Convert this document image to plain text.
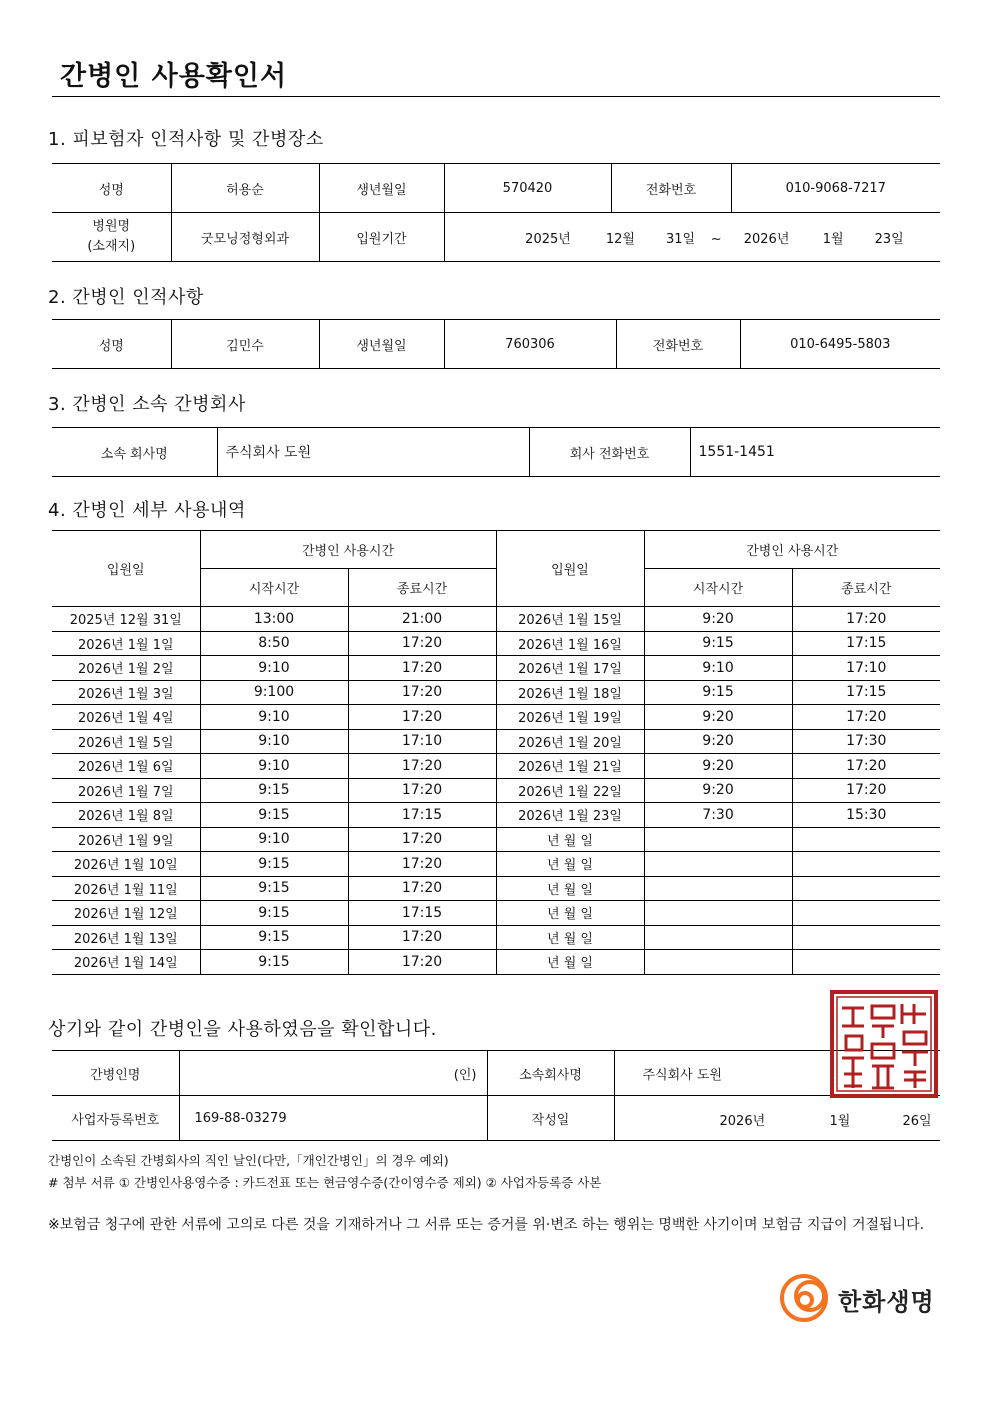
간병인 사용확인서
1. 피보험자 인적사항 및 간병장소
성명	허용순	생년월일	570420	전화번호	010-9068-7217

병원명
(소재지)	굿모닝정형외과	입원기간	2025년 12월 31일 ~ 2026년 1월 23일		
2. 간병인 인적사항
성명	김민수	생년월일	760306	전화번호	010-6495-5803
3. 간병인 소속 간병회사
소속 회사명	주식회사 도원	회사 전화번호	1551-1451
4. 간병인 세부 사용내역
입원일	간병인 사용시간		입원일	간병인 사용시간	
	시작시간	종료시간		시작시간	종료시간
2025년 12월 31일	13:00	21:00	2026년 1월 15일	9:20	17:20
2026년 1월 1일	8:50	17:20	2026년 1월 16일	9:15	17:15
2026년 1월 2일	9:10	17:20	2026년 1월 17일	9:10	17:10
2026년 1월 3일	9:100	17:20	2026년 1월 18일	9:15	17:15
2026년 1월 4일	9:10	17:20	2026년 1월 19일	9:20	17:20
2026년 1월 5일	9:10	17:10	2026년 1월 20일	9:20	17:30
2026년 1월 6일	9:10	17:20	2026년 1월 21일	9:20	17:20
2026년 1월 7일	9:15	17:20	2026년 1월 22일	9:20	17:20
2026년 1월 8일	9:15	17:15	2026년 1월 23일	7:30	15:30
2026년 1월 9일	9:10	17:20	년 월 일		
2026년 1월 10일	9:15	17:20	년 월 일		
2026년 1월 11일	9:15	17:20	년 월 일		
2026년 1월 12일	9:15	17:15	년 월 일		
2026년 1월 13일	9:15	17:20	년 월 일		
2026년 1월 14일	9:15	17:20	년 월 일		
상기와 같이 간병인을 사용하였음을 확인합니다.
간병인명	(인)	소속회사명	주식회사 도원
사업자등록번호	169-88-03279	작성일	2026년 1월 26일
간병인이 소속된 간병회사의 직인 날인(다만,「개인간병인」의 경우 예외)
# 첨부 서류 ① 간병인사용영수증 : 카드전표 또는 현금영수증(간이영수증 제외) ② 사업자등록증 사본
※보험금 청구에 관한 서류에 고의로 다른 것을 기재하거나 그 서류 또는 증거를 위·변조 하는 행위는 명백한 사기이며 보험금 지급이 거절됩니다.
한화생명
